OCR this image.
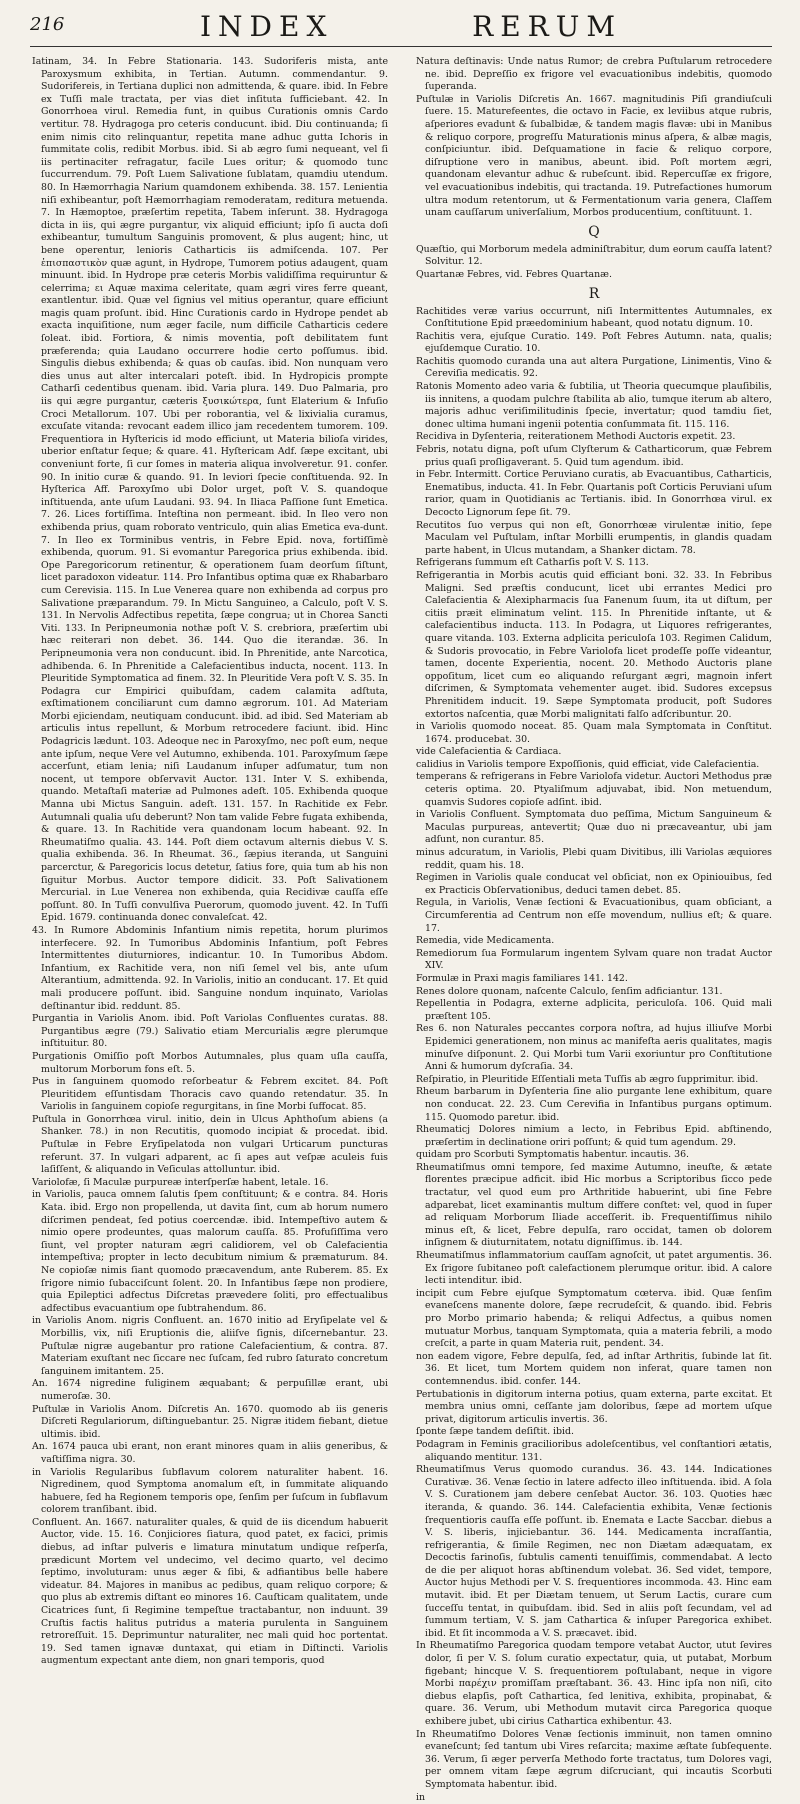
216	INDEX	RERUM

Iatinam, 34. In Febre Stationaria. 143. Sudoriferis mista, ante Paroxysmum exhibita, in Tertian. Autumn. commendantur. 9. Sudorifereis, in Tertiana duplici non admittenda, & quare. ibid. In Febre ex Tuſſi male tractata, per vias diet inſituta ſufficiebant. 42. In Gonorrhoea virul. Remedia funt, in quibus Curationis omnis Cardo vertitur. 78. Hydragoga pro ceteris conducunt. ibid. Diu continuanda; ſi enim nimis cito relinquantur, repetita mane adhuc gutta Ichoris in fummitate colis, redibit Morbus. ibid. Si ab ægro ſumi nequeant, vel ſi iis pertinaciter refragatur, facile Lues oritur; & quomodo tunc ſuccurrendum. 79. Poſt Luem Salivatione ſublatam, quamdiu utendum. 80. In Hæmorrhagia Narium quamdonem exhibenda. 38. 157. Lenientia niſi exhibeantur, poſt Hæmorrhagiam remoderatam, reditura metuenda. 7. In Hæmoptoe, præſertim repetita, Tabem inſerunt. 38. Hydragoga dicta in iis, qui ægre purgantur, vix aliquid efficiunt; ipſo ſi aucta doſi exhibeantur, tumultum Sanguinis promovent, & plus augent; hinc, ut bene operentur, lenioris Catharticis iis admiſcenda. 107. Per ἐπισπαστικὸν quæ agunt, in Hydrope, Tumorem potius adaugent, quam minuunt. ibid. In Hydrope præ ceteris Morbis validiſſima requiruntur & celerrima; ει Aquæ maxima celeritate, quam ægri vires ferre queant, exantlentur. ibid. Quæ vel ſignius vel mitius operantur, quare efficiunt magis quam proſunt. ibid. Hinc Curationis cardo in Hydrope pendet ab exacta inquiſitione, num æger facile, num difficile Catharticis cedere ſoleat. ibid. Fortiora, & nimis moventia, poſt debilitatem funt præferenda; quia Laudano occurrere hodie certo poſſumus. ibid. Singulis diebus exhibenda; & quas ob cauſas. ibid. Non nunquam vero dies unus aut alter intercalari poteſt. ibid. In Hydropicis prompte Catharſi cedentibus quenam. ibid. Varia plura. 149. Duo Palmaria, pro iis qui ægre purgantur, cæteris ξυσικώτερα, ſunt Elaterium & Infuſio Croci Metallorum. 107. Ubi per roborantia, vel & lixivialia curamus, excuſate vitanda: revocant eadem illico jam recedentem tumorem. 109. Frequentiora in Hyſtericis id modo efficiunt, ut Materia bilioſa virides, uberior enſtatur ſeque; & quare. 41. Hyſtericam Adf. ſæpe excitant, ubi conveniunt forte, ſi cur ſomes in materia aliqua involveretur. 91. confer. 90. In initio curæ & quando. 91. In leviori ſpecie conſtituenda. 92. In Hyſterica Aff. Paroxyſmo ubi Dolor urget, poſt V. S. quandoque inſtituenda, ante uſum Laudani. 93. 94. In Iliaca Paſſione ſunt Emetica. 7. 26. Lices fortiſſima. Inteſtina non permeant. ibid. In Ileo vero non exhibenda prius, quam roborato ventriculo, quin alias Emetica eva-dunt. 7. In Ileo ex Torminibus ventris, in Febre Epid. nova, fortiſſimè exhibenda, quorum. 91. Si evomantur Paregorica prius exhibenda. ibid. Ope Paregoricorum retinentur, & operationem ſuam deorſum ſiſtunt, licet paradoxon videatur. 114. Pro Infantibus optima quæ ex Rhabarbaro cum Cerevisia. 115. In Lue Venerea quare non exhibenda ad corpus pro Salivatione præparandum. 79. In Mictu Sanguineo, a Calculo, poſt V. S. 131. In Nervolis Adfectibus repetita, ſæpe congrua; ut in Chorea Sancti Viti. 133. In Peripneumonia nothæ poſt V. S. crebriora, præſertim ubi hæc reiterari non debet. 36. 144. Quo die iterandæ. 36. In Peripneumonia vera non conducunt. ibid. In Phrenitide, ante Narcotica, adhibenda. 6. In Phrenitide a Calefacientibus inducta, nocent. 113. In Pleuritide Symptomatica ad finem. 32. In Pleuritide Vera poſt V. S. 35. In Podagra cur Empirici quibuſdam, cadem calamita adſtuta, exſtimationem conciliarunt cum damno ægrorum. 101. Ad Materiam Morbi ejiciendam, neutiquam conducunt. ibid. ad ibid. Sed Materiam ab articulis intus repellunt, & Morbum retrocedere faciunt. ibid. Hinc Podagricis lædunt. 103. Adeoque nec in Paroxyſmo, nec poſt eum, neque ante ipſum, neque Vere vel Autumno, exhibenda. 101. Paroxyſmum ſæpe accerſunt, etiam lenia; niſi Laudanum inſuper adſumatur, tum non nocent, ut tempore obſervavit Auctor. 131. Inter V. S. exhibenda, quando. Metaſtaſi materiæ ad Pulmones adeſt. 105. Exhibenda quoque Manna ubi Mictus Sanguin. adeſt. 131. 157. In Rachitide ex Febr. Autumnali qualia uſu deberunt? Non tam valide Febre fugata exhibenda, & quare. 13. In Rachitide vera quandonam locum habeant. 92. In Rheumatiſmo qualia. 43. 144. Poſt diem octavum alternis diebus V. S. qualia exhibenda. 36. In Rheumat. 36., ſæpius iteranda, ut Sanguini parcerctur, & Paregoricis locus detetur, ſatius fore, quia tum ab his non ſiguitur Morbus. Auctor tempore didicit. 33. Poſt Salivationem Mercurial. in Lue Venerea non exhibenda, quia Recidivæ cauſſa eſſe poſſunt. 80. In Tuſſi convulſiva Puerorum, quomodo juvent. 42. In Tuſſi Epid. 1679. continuanda donec convaleſcat. 42.

43. In Rumore Abdominis Infantium nimis repetita, horum plurimos interfecere. 92. In Tumoribus Abdominis Infantium, poſt Febres Intermittentes diuturniores, indicantur. 10. In Tumoribus Abdom. Infantium, ex Rachitide vera, non niſi ſemel vel bis, ante uſum Alterantium, admittenda. 92. In Variolis, initio an conducant. 17. Et quid mali producere poſſunt. ibid. Sanguine nondum inquinato, Variolas deſtinantur ibid. reddunt. 85.

Purgantia in Variolis Anom. ibid. Poſt Variolas Confluentes curatas. 88. Purgantibus ægre (79.) Salivatio etiam Mercurialis ægre plerumque inſtituitur. 80.

Purgationis Omiſſio poſt Morbos Autumnales, plus quam uſla cauſſa, multorum Morborum fons eſt. 5.

Pus in ſanguinem quomodo reſorbeatur & Febrem excitet. 84. Poſt Pleuritidem eſſuntisdam Thoracis cavo quando retendatur. 35. In Variolis in ſanguinem copioſe regurgitans, in ſine Morbi ſuffocat. 85.

Puſtula in Gonorrhœa virul. initio, dein in Ulcus Aphthoſum abiens (a Shanker. 78.) in non Recutitis, quomodo incipiat & procedat. ibid. Puſtulæ in Febre Eryſipelatoda non vulgari Urticarum puncturas referunt. 37. In vulgari adparent, ac ſi apes aut veſpæ aculeis fuis laſiſſent, & aliquando in Veſiculas attolluntur. ibid.

Variolofæ, ſi Maculæ purpureæ interſperſæ habent, letale. 16.

in Variolis, pauca omnem ſalutis ſpem conſtituunt; & e contra. 84. Horis Kata. ibid. Ergo non propellenda, ut davita ſint, cum ab horum numero diſcrimen pendeat, ſed potius coercendæ. ibid. Intempeſtivo autem & nimio opere prodeuntes, quas malorum cauſſa. 85. Profuſiſſima vero ſiunt, vel propter naturam ægri calidiorem, vel ob Calefacientia intempeſtiva; propter in lecto decubitum nimium & præmaturum. 84. Ne copioſæ nimis ſiant quomodo præcavendum, ante Ruberem. 85. Ex ſrigore nimio ſubacciſcunt ſolent. 20. In Infantibus ſæpe non prodiere, quia Epileptici adfectus Diſcretas prævedere ſoliti, pro effectualibus adfectibus evacuantium ope ſubtrahendum. 86.

in Variolis Anom. nigris Confluent. an. 1670 initio ad Eryſipelate vel & Morbillis, vix, niſi Eruptionis die, aliiſve ſignis, diſcernebantur. 23. Puſtulæ nigræ augebantur pro ratione Calefacientium, & contra. 87. Materiam exuſtant nec ſiccare nec ſuſcam, ſed rubro ſaturato concretum ſanguinem imitantem. 25.

An. 1674 nigredine fuliginem æquabant; & perpuſillæ erant, ubi numeroſæ. 30.

Puſtulæ in Variolis Anom. Diſcretis An. 1670. quomodo ab iis generis Diſcreti Regulariorum, diſtinguebantur. 25. Nigræ itidem fiebant, dietue ultimis. ibid.

An. 1674 pauca ubi erant, non erant minores quam in aliis generibus, & vaſtiſſima nigra. 30.

in Variolis Regularibus ſubflavum colorem naturaliter habent. 16. Nigredinem, quod Symptoma anomalum eſt, in ſummitate aliquando habuere, ſed ha Regionem temporis ope, ſenſim per ſuſcum in ſubflavum colorem tranſibant. ibid.

Confluent. An. 1667. naturaliter quales, & quid de iis dicendum habuerit Auctor, vide. 15. 16. Conjiciores ſiatura, quod patet, ex facici, primis diebus, ad inſtar pulveris e limatura minutatum undique reſperſa, prædicunt Mortem vel undecimo, vel decimo quarto, vel decimo ſeptimo, involuturam: unus æger & ſibi, & adfiantibus belle habere videatur. 84. Majores in manibus ac pedibus, quam reliquo corpore; & quo plus ab extremis diſtant eo minores 16. Cauſticam qualitatem, unde Cicatrices ſunt, ſi Regimine tempeſtue tractabantur, non induunt. 39 Cruſtis factis halitus putridus a materia purulenta in Sanguinem retroreſſuit. 15. Deprimuntur naturaliter, nec mali quid hoc portentat. 19. Sed tamen ignavæ duntaxat, qui etiam in Diſtincti. Variolis augmentum expectant ante diem, non gnari temporis, quod

Natura deſtinavis: Unde natus Rumor; de crebra Puſtularum retrocedere ne. ibid. Depreſſio ex frigore vel evacuationibus indebitis, quomodo ſuperanda.

Puſtulæ in Variolis Diſcretis An. 1667. magnitudinis Piſi grandiuſculi ſuere. 15. Maturefeentes, die octavo in Facie, ex leviibus atque rubris, aſperiores evadunt & ſubalbidæ, & tandem magis flavæ: ubi in Manibus & reliquo corpore, progreſſu Maturationis minus aſpera, & albæ magis, conſpiciuntur. ibid. Deſquamatione in facie & reliquo corpore, diſruptione vero in manibus, abeunt. ibid. Poſt mortem ægri, quandonam elevantur adhuc & rubeſcunt. ibid. Repercuſſæ ex frigore, vel evacuationibus indebitis, qui tractanda. 19. Putrefactiones humorum ultra modum retentorum, ut & Fermentationum varia genera, Claſſem unam cauſſarum univerſalium, Morbos producentium, conſtituunt. 1.

Q

Quæſtio, qui Morborum medela adminiſtrabitur, dum eorum cauſſa latent? Solvitur. 12.

Quartanæ Febres, vid. Febres Quartanæ.

R

Rachitides veræ varius occurrunt, niſi Intermittentes Autumnales, ex Conſtitutione Epid præedominium habeant, quod notatu dignum. 10.

Rachitis vera, ejuſque Curatio. 149. Poſt Febres Autumn. nata, qualis; ejuſdemque Curatio. 10.

Rachitis quomodo curanda una aut altera Purgatione, Linimentis, Vino & Cereviſia medicatis. 92.

Ratonis Momento adeo varia & ſubtilia, ut Theoria quecumque plauſibilis, iis innitens, a quodam pulchre ſtabilita ab alio, tumque iterum ab altero, majoris adhuc veriſimilitudinis ſpecie, invertatur; quod tamdiu ſiet, donec ultima humani ingenii potentia conſummata ſit. 115. 116.

Recidiva in Dyſenteria, reiterationem Methodi Auctoris expetit. 23.

Febris, notatu digna, poſt uſum Clyſterum & Catharticorum, quæ Febrem prius quaſi proſligaverant. 5. Quid tum agendum. ibid.

in Febr. Intermitt. Cortice Peruviano curatis, ab Evacuantibus, Catharticis, Enematibus, inducta. 41. In Febr. Quartanis poſt Corticis Peruviani uſum rarior, quam in Quotidianis ac Tertianis. ibid. In Gonorrhœa virul. ex Decocto Lignorum ſepe ſit. 79.

Recutitos ſuo verpus qui non eſt, Gonorrhœæ virulentæ initio, ſepe Maculam vel Puſtulam, inſtar Morbilli erumpentis, in glandis quadam parte habent, in Ulcus mutandam, a Shanker dictam. 78.

Refrigerans ſummum eſt Catharſis poſt V. S. 113.

Refrigerantia in Morbis acutis quid efficiant boni. 32. 33. In Febribus Maligni. Sed præſtis conducunt, licet ubi errantes Medici pro Calefacientia & Alexipharmacis ſua Fanenum ſuum, ita ut diſtum, per citiis præit eliminatum velint. 115. In Phrenitide inſtante, ut & calefacientibus inducta. 113. In Podagra, ut Liquores refrigerantes, quare vitanda. 103. Externa adplicita periculoſa 103. Regimen Calidum, & Sudoris provocatio, in Febre Variolofa licet prodeſſe poſſe videantur, tamen, docente Experientia, nocent. 20. Methodo Auctoris plane oppoſitum, licet cum eo aliquando reſurgant ægri, magnoin infert diſcrimen, & Symptomata vehementer auget. ibid. Sudores excepsus Phrenitidem inducit. 19. Sæpe Symptomata producit, poſt Sudores extortos naſcentia, quæ Morbi malignitati falſo adſcribuntur. 20.

in Variolis quomodo noceat. 85. Quam mala Symptomata in Conſtitut. 1674. producebat. 30.

vide Calefacientia & Cardiaca.

calidius in Variolis tempore Expoſſionis, quid efficiat, vide Calefacientia.

temperans & refrigerans in Febre Variolofa videtur. Auctori Methodus præ ceteris optima. 20. Ptyaliſmum adjuvabat, ibid. Non metuendum, quamvis Sudores copioſe adſint. ibid.

in Variolis Confluent. Symptomata duo peſſima, Mictum Sanguineum & Maculas purpureas, antevertit; Quæ duo ni præcaveantur, ubi jam adſunt, non curantur. 85.

minus adcuratum, in Variolis, Plebi quam Divitibus, illi Variolas æquiores reddit, quam his. 18.

Regimen in Variolis quale conducat vel obſiciat, non ex Opiniouibus, ſed ex Practicis Obſervationibus, deduci tamen debet. 85.

Regula, in Variolis, Venæ ſectioni & Evacuationibus, quam obſiciant, a Circumferentia ad Centrum non eſſe movendum, nullius eſt; & quare. 17.

Remedia, vide Medicamenta.

Remediorum ſua Formularum ingentem Sylvam quare non tradat Auctor XIV.

Formulæ in Praxi magis familiares 141. 142.

Renes dolore quonam, naſcente Calculo, ſenſim adficiantur. 131.

Repellentia in Podagra, externe adplicita, periculoſa. 106. Quid mali præſtent 105.

Res 6. non Naturales peccantes corpora noſtra, ad hujus illiuſve Morbi Epidemici generationem, non minus ac manifeſta aeris qualitates, magis minuſve diſponunt. 2. Qui Morbi tum Varii exoriuntur pro Conſtitutione Anni & humorum dyſcraſia. 34.

Reſpiratio, in Pleuritide Eſſentiali meta Tuſſis ab ægro ſupprimitur. ibid.

Rheum barbarum in Dyſenteria ſine alio purgante lene exhibitum, quare non conducat. 22. 23. Cum Cerevifia in Infantibus purgans optimum. 115. Quomodo paretur. ibid.

Rheumaticj Dolores nimium a lecto, in Febribus Epid. abſtinendo, præſertim in declinatione oriri poſſunt; & quid tum agendum. 29.

quidam pro Scorbuti Symptomatis habentur. incautis. 36.

Rheumatiſmus omni tempore, ſed maxime Autumno, ineuſte, & ætate florentes præcipue adficit. ibid Hic morbus a Scriptoribus ſicco pede tractatur, vel quod eum pro Arthritide habuerint, ubi ſine Febre adparebat, licet examinantis multum differe conſtet: vel, quod in ſuper ad reliquam Morborum Iliade acceſſerit. ib. Frequentiſſimus nihilo minus eſt, & licet, Febre depulſa, raro occidat, tamen ob dolorem inſignem & diuturnitatem, notatu digniſſimus. ib. 144.

Rheumatiſmus inflammatorium cauſſam agnoſcit, ut patet argumentis. 36. Ex ſrigore ſubitaneo poſt calefactionem plerumque oritur. ibid. A calore lecti intenditur. ibid.

incipit cum Febre ejuſque Symptomatum cœterva. ibid. Quæ ſenſim evaneſcens manente dolore, ſæpe recrudeſcit, & quando. ibid. Febris pro Morbo primario habenda; & reliqui Adfectus, a quibus nomen mutuatur Morbus, tanquam Symptomata, quia a materia febrili, a modo creſcit, a parte in quam Materia ruit, pendent. 34.

non eadem vigore, Febre depulſa, ſed, ad inſtar Arthritis, ſubinde lat ſit. 36. Et licet, tum Mortem quidem non inferat, quare tamen non contemnendus. ibid. confer. 144.

Pertubationis in digitorum interna potius, quam externa, parte excitat. Et membra unius omni, ceſſante jam doloribus, ſæpe ad mortem uſque privat, digitorum articulis invertis. 36.

ſponte ſæpe tandem deſiſtit. ibid.

Podagram in Feminis gracilioribus adoleſcentibus, vel conſtantiori ætatis, aliquando mentitur. 131.

Rheumatiſmus Verus quomodo curandus. 36. 43. 144. Indicationes Curativæ. 36. Venæ ſectio in latere adfecto illeo inſtituenda. ibid. A ſola V. S. Curationem jam debere cenſebat Auctor. 36. 103. Quoties hæc iteranda, & quando. 36. 144. Calefacientia exhibita, Venæ ſectionis ſrequentioris cauſſa eſſe poſſunt. ib. Enemata e Lacte Saccbar. diebus a V. S. liberis, injiciebantur. 36. 144. Medicamenta incraſſantia, refrigerantia, & ſimile Regimen, nec non Diætam adæquatam, ex Decoctis farinoſis, ſubtulis camenti tenuiſſimis, commendabat. A lecto de die per aliquot horas abſtinendum volebat. 36. Sed videt, tempore, Auctor hujus Methodi per V. S. ſrequentiores incommoda. 43. Hinc eam mutavit. ibid. Et per Diætam tenuem, ut Serum Lactis, curare cum ſucceſſu tentat, in quibuſdam. ibid. Sed in aliis poſt ſecundam, vel ad ſummum tertiam, V. S. jam Cathartica & inſuper Paregorica exhibet. ibid. Et ſit incommoda a V. S. præcavet. ibid.

In Rheumatiſmo Paregorica quodam tempore vetabat Auctor, utut ſevires dolor, ſi per V. S. ſolum curatio expectatur, quia, ut putabat, Morbum figebant; hincque V. S. ſrequentiorem poſtulabant, neque in vigore Morbi παρέχιν promiſſam præſtabant. 36. 43. Hinc ipſa non niſi, cito diebus elapſis, poſt Cathartica, ſed lenitiva, exhibita, propinabat, & quare. 36. Verum, ubi Methodum mutavit circa Paregorica quoque exhibere jubet, ubi cirius Cathartica exhibentur. 43.

In Rheumatiſmo Dolores Venæ ſectionis imminuit, non tamen omnino evaneſcunt; ſed tantum ubi Vires reſarcita; maxime æſtate ſubſequente. 36. Verum, ſi æger perverſa Methodo forte tractatus, tum Dolores vagi, per omnem vitam ſæpe ægrum diſcruciant, qui incautis Scorbuti Symptomata habentur. ibid.

in
